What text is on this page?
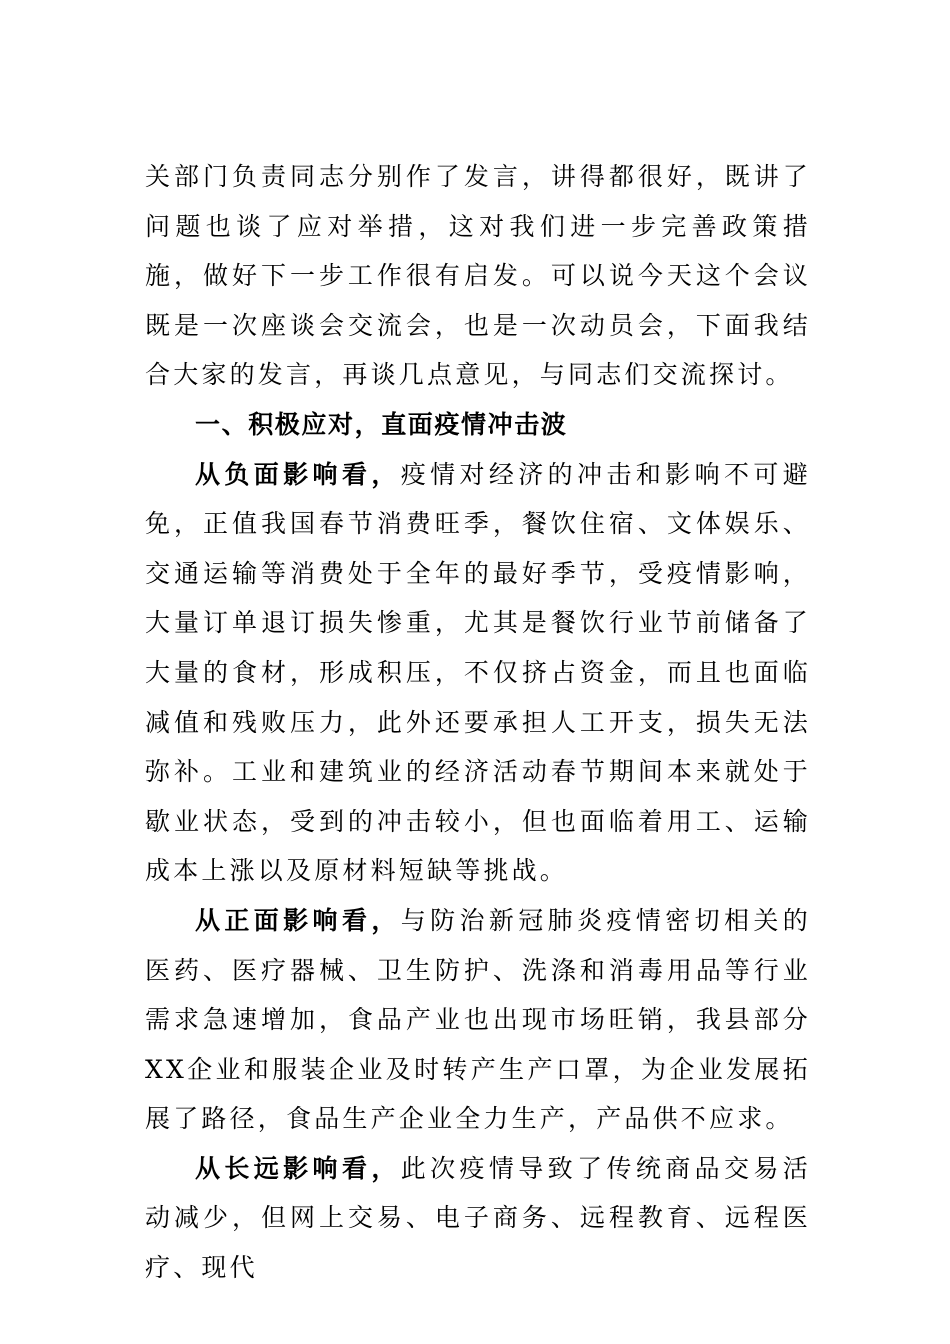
关部门负责同志分别作了发言，讲得都很好，既讲了问题也谈了应对举措，这对我们进一步完善政策措施，做好下一步工作很有启发。可以说今天这个会议既是一次座谈会交流会，也是一次动员会，下面我结合大家的发言，再谈几点意见，与同志们交流探讨。

一、积极应对，直面疫情冲击波

从负面影响看，疫情对经济的冲击和影响不可避免，正值我国春节消费旺季，餐饮住宿、文体娱乐、交通运输等消费处于全年的最好季节，受疫情影响，大量订单退订损失惨重，尤其是餐饮行业节前储备了大量的食材，形成积压，不仅挤占资金，而且也面临减值和残败压力，此外还要承担人工开支，损失无法弥补。工业和建筑业的经济活动春节期间本来就处于歇业状态，受到的冲击较小，但也面临着用工、运输成本上涨以及原材料短缺等挑战。

从正面影响看，与防治新冠肺炎疫情密切相关的医药、医疗器械、卫生防护、洗涤和消毒用品等行业需求急速增加，食品产业也出现市场旺销，我县部分XX企业和服装企业及时转产生产口罩，为企业发展拓展了路径，食品生产企业全力生产，产品供不应求。

从长远影响看，此次疫情导致了传统商品交易活动减少，但网上交易、电子商务、远程教育、远程医疗、现代
